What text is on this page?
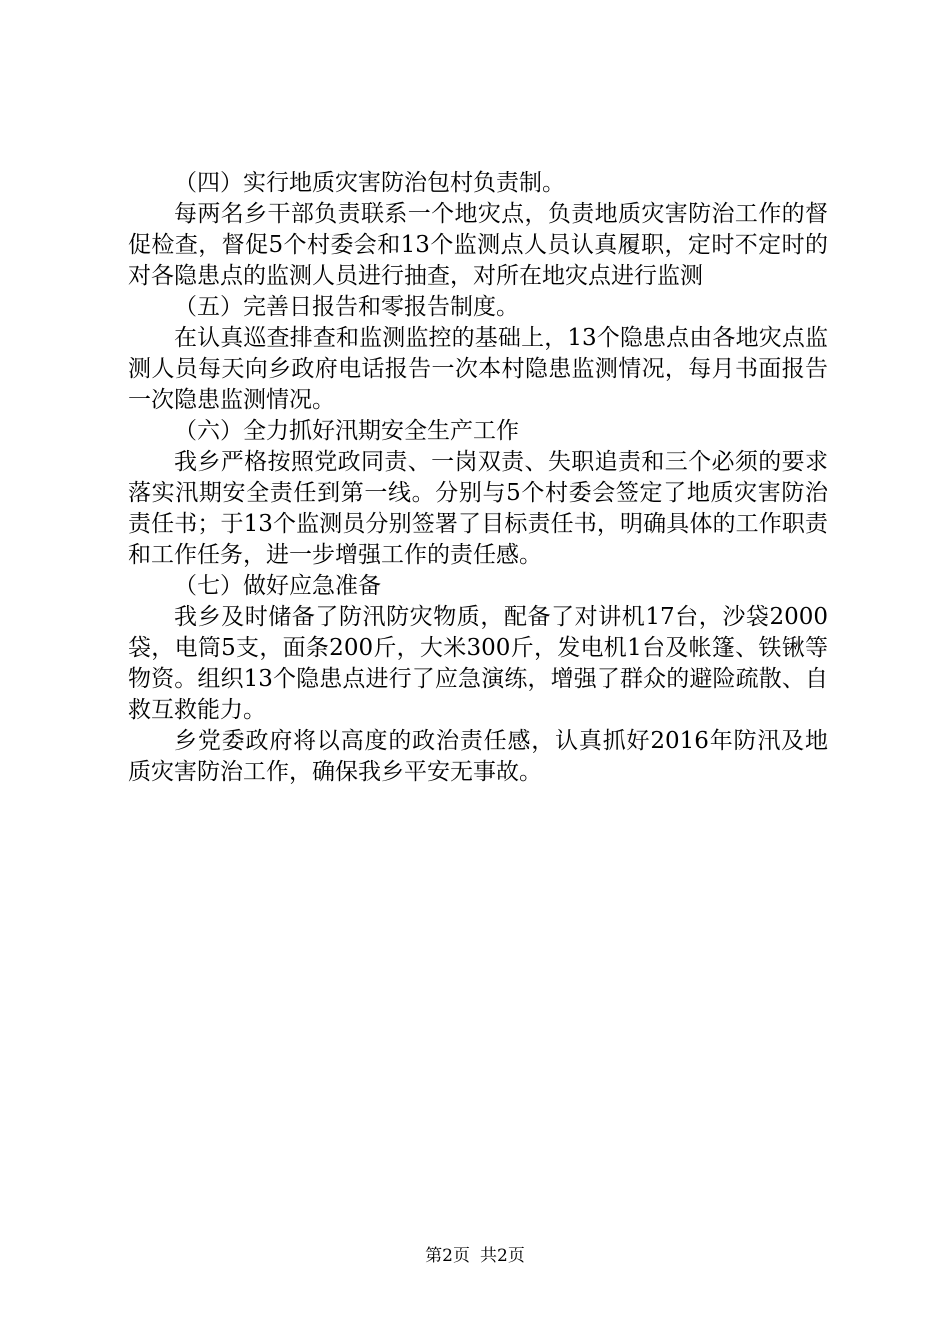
（四）实行地质灾害防治包村负责制。

每两名乡干部负责联系一个地灾点，负责地质灾害防治工作的督促检查，督促5个村委会和13个监测点人员认真履职，定时不定时的对各隐患点的监测人员进行抽查，对所在地灾点进行监测

（五）完善日报告和零报告制度。

在认真巡查排查和监测监控的基础上，13个隐患点由各地灾点监测人员每天向乡政府电话报告一次本村隐患监测情况，每月书面报告一次隐患监测情况。

（六）全力抓好汛期安全生产工作

我乡严格按照党政同责、一岗双责、失职追责和三个必须的要求落实汛期安全责任到第一线。分别与5个村委会签定了地质灾害防治责任书；于13个监测员分别签署了目标责任书，明确具体的工作职责和工作任务，进一步增强工作的责任感。

（七）做好应急准备

我乡及时储备了防汛防灾物质，配备了对讲机17台，沙袋2000袋，电筒5支，面条200斤，大米300斤，发电机1台及帐篷、铁锹等物资。组织13个隐患点进行了应急演练，增强了群众的避险疏散、自救互救能力。

乡党委政府将以高度的政治责任感，认真抓好2016年防汛及地质灾害防治工作，确保我乡平安无事故。

第2页 共2页
